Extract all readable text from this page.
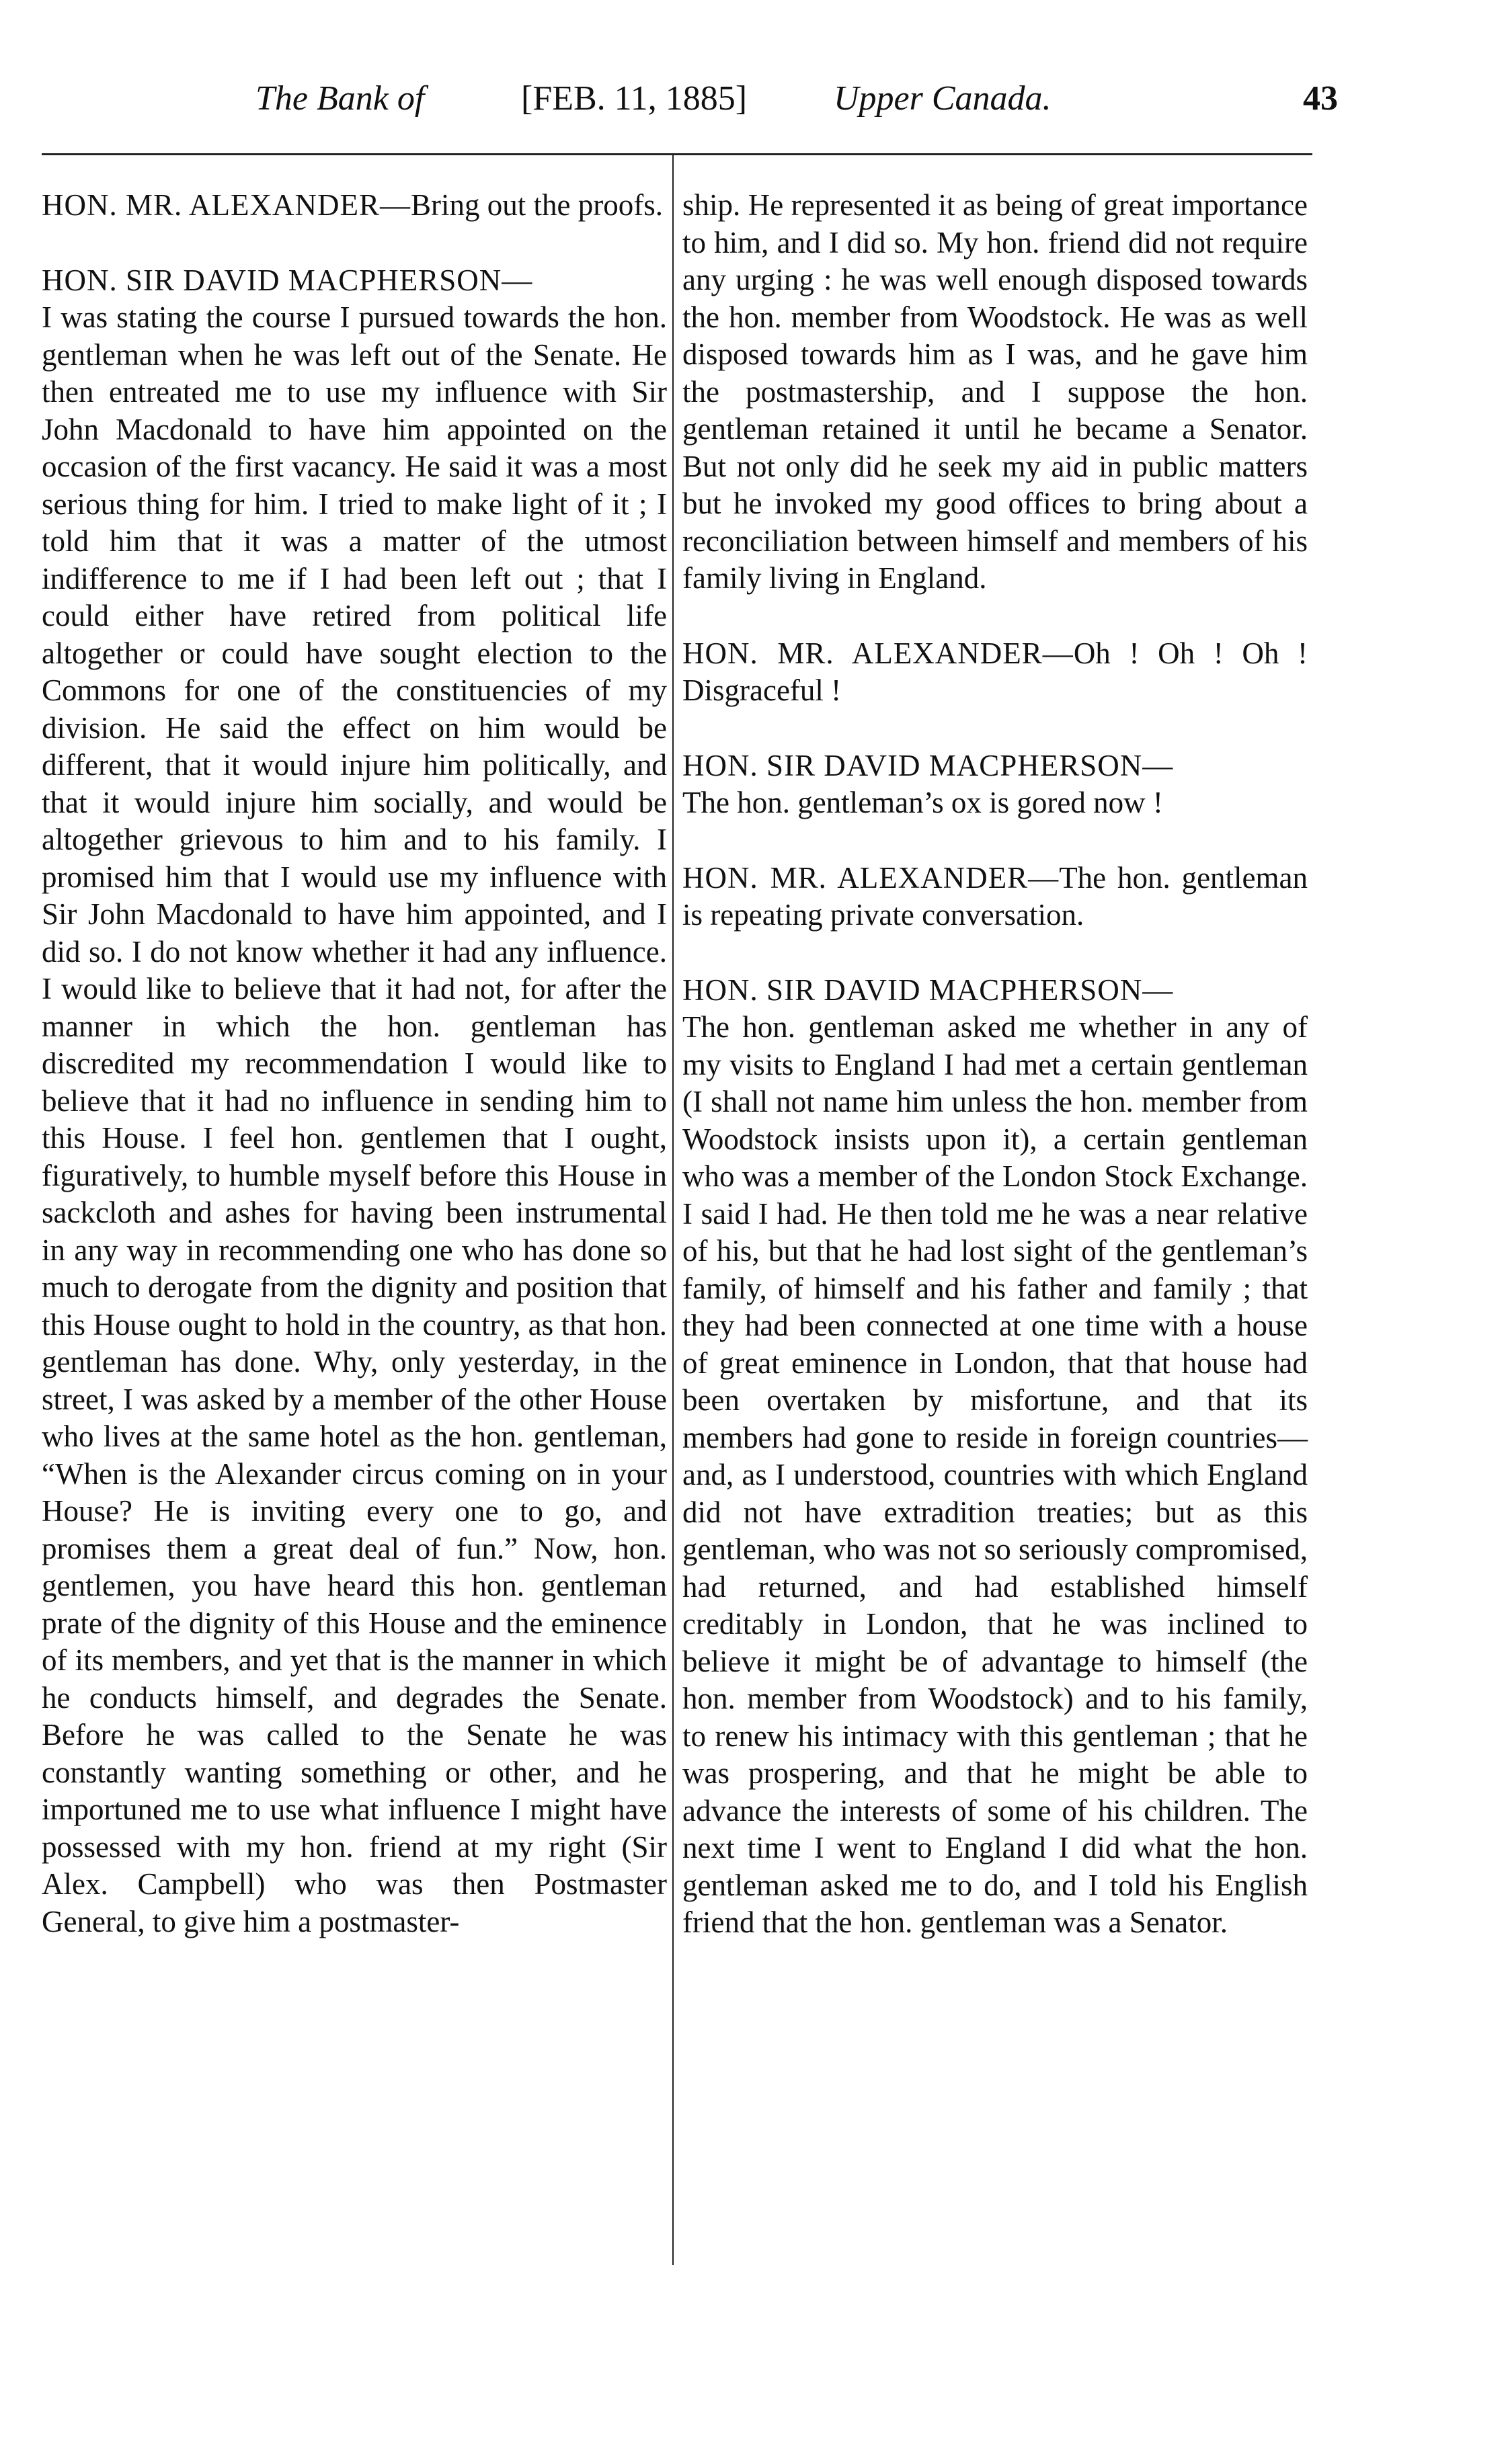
The Bank of	[FEB. 11, 1885] Upper Canada.	43

HON. MR. ALEXANDER—Bring out the proofs.

HON. SIR DAVID MACPHERSON—
I was stating the course I pursued towards the hon. gentleman when he was left out of the Senate. He then entreated me to use my influence with Sir John Macdonald to have him appointed on the occasion of the first vacancy. He said it was a most serious thing for him. I tried to make light of it ; I told him that it was a matter of the utmost indifference to me if I had been left out ; that I could either have retired from political life altogether or could have sought election to the Commons for one of the constituencies of my division. He said the effect on him would be different, that it would injure him politically, and that it would injure him socially, and would be altogether grievous to him and to his family. I promised him that I would use my influence with Sir John Macdonald to have him appointed, and I did so. I do not know whether it had any influence. I would like to believe that it had not, for after the manner in which the hon. gentleman has discredited my recommendation I would like to believe that it had no influence in sending him to this House. I feel hon. gentlemen that I ought, figuratively, to humble myself before this House in sackcloth and ashes for having been instrumental in any way in recommending one who has done so much to derogate from the dignity and position that this House ought to hold in the country, as that hon. gentleman has done. Why, only yesterday, in the street, I was asked by a member of the other House who lives at the same hotel as the hon. gentleman, “When is the Alexander circus coming on in your House? He is inviting every one to go, and promises them a great deal of fun.” Now, hon. gentlemen, you have heard this hon. gentleman prate of the dignity of this House and the eminence of its members, and yet that is the manner in which he conducts himself, and degrades the Senate. Before he was called to the Senate he was constantly wanting something or other, and he importuned me to use what influence I might have possessed with my hon. friend at my right (Sir Alex. Campbell) who was then Postmaster General, to give him a postmaster-

ship. He represented it as being of great importance to him, and I did so. My hon. friend did not require any urging : he was well enough disposed towards the hon. member from Woodstock. He was as well disposed towards him as I was, and he gave him the postmastership, and I suppose the hon. gentleman retained it until he became a Senator. But not only did he seek my aid in public matters but he invoked my good offices to bring about a reconciliation between himself and members of his family living in England.

HON. MR. ALEXANDER—Oh ! Oh ! Oh ! Disgraceful !

HON. SIR DAVID MACPHERSON—
The hon. gentleman’s ox is gored now !

HON. MR. ALEXANDER—The hon. gentleman is repeating private conversation.

HON. SIR DAVID MACPHERSON—
The hon. gentleman asked me whether in any of my visits to England I had met a certain gentleman (I shall not name him unless the hon. member from Woodstock insists upon it), a certain gentleman who was a member of the London Stock Exchange. I said I had. He then told me he was a near relative of his, but that he had lost sight of the gentleman’s family, of himself and his father and family ; that they had been connected at one time with a house of great eminence in London, that that house had been overtaken by misfortune, and that its members had gone to reside in foreign countries—and, as I understood, countries with which England did not have extradition treaties; but as this gentleman, who was not so seriously compromised, had returned, and had established himself creditably in London, that he was inclined to believe it might be of advantage to himself (the hon. member from Woodstock) and to his family, to renew his intimacy with this gentleman ; that he was prospering, and that he might be able to advance the interests of some of his children. The next time I went to England I did what the hon. gentleman asked me to do, and I told his English friend that the hon. gentleman was a Senator.
